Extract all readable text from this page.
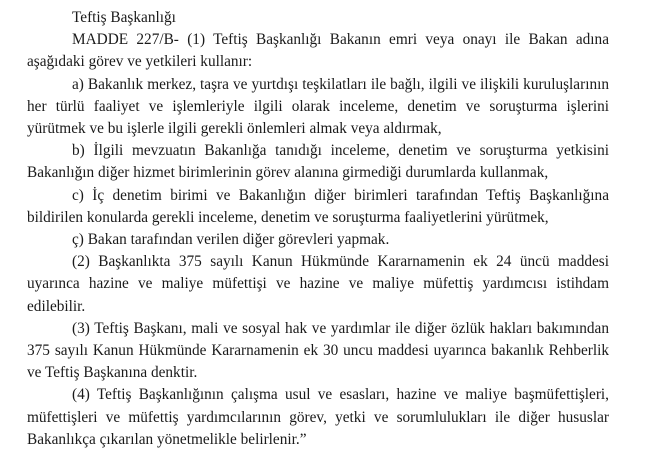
Teftiş Başkanlığı

MADDE 227/B- (1) Teftiş Başkanlığı Bakanın emri veya onayı ile Bakan adına aşağıdaki görev ve yetkileri kullanır:

a) Bakanlık merkez, taşra ve yurtdışı teşkilatları ile bağlı, ilgili ve ilişkili kuruluşlarının her türlü faaliyet ve işlemleriyle ilgili olarak inceleme, denetim ve soruşturma işlerini yürütmek ve bu işlerle ilgili gerekli önlemleri almak veya aldırmak,

b) İlgili mevzuatın Bakanlığa tanıdığı inceleme, denetim ve soruşturma yetkisini Bakanlığın diğer hizmet birimlerinin görev alanına girmediği durumlarda kullanmak,

c) İç denetim birimi ve Bakanlığın diğer birimleri tarafından Teftiş Başkanlığına bildirilen konularda gerekli inceleme, denetim ve soruşturma faaliyetlerini yürütmek,

ç) Bakan tarafından verilen diğer görevleri yapmak.

(2) Başkanlıkta 375 sayılı Kanun Hükmünde Kararnamenin ek 24 üncü maddesi uyarınca hazine ve maliye müfettişi ve hazine ve maliye müfettiş yardımcısı istihdam edilebilir.

(3) Teftiş Başkanı, mali ve sosyal hak ve yardımlar ile diğer özlük hakları bakımından 375 sayılı Kanun Hükmünde Kararnamenin ek 30 uncu maddesi uyarınca bakanlık Rehberlik ve Teftiş Başkanına denktir.

(4) Teftiş Başkanlığının çalışma usul ve esasları, hazine ve maliye başmüfettişleri, müfettişleri ve müfettiş yardımcılarının görev, yetki ve sorumlulukları ile diğer hususlar Bakanlıkça çıkarılan yönetmelikle belirlenir.”
